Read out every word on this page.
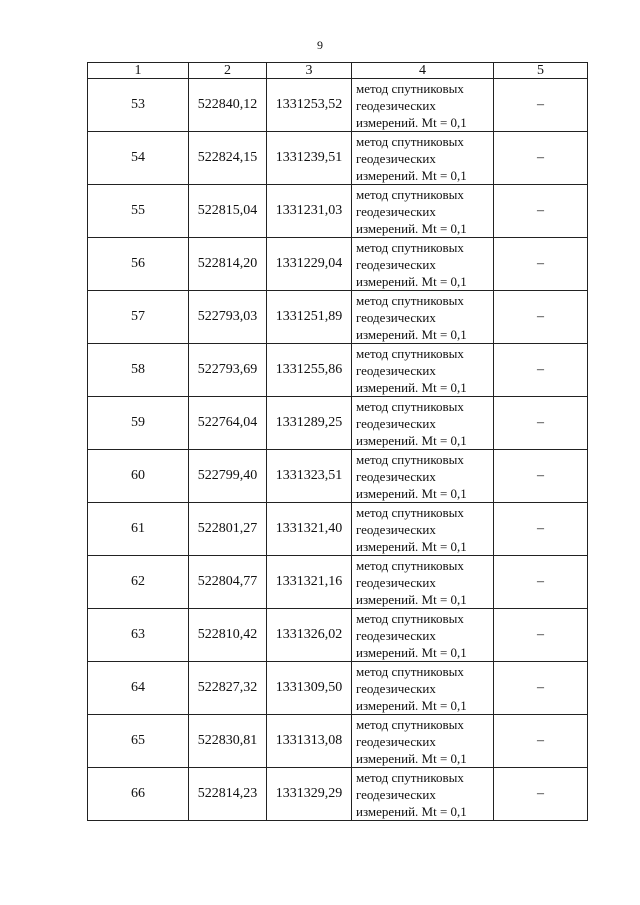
9
1	2	3	4	5
53	522840,12	1331253,52	метод спутниковых
геодезических
измерений. Mt = 0,1	–
54	522824,15	1331239,51	метод спутниковых
геодезических
измерений. Mt = 0,1	–
55	522815,04	1331231,03	метод спутниковых
геодезических
измерений. Mt = 0,1	–
56	522814,20	1331229,04	метод спутниковых
геодезических
измерений. Mt = 0,1	–
57	522793,03	1331251,89	метод спутниковых
геодезических
измерений. Mt = 0,1	–
58	522793,69	1331255,86	метод спутниковых
геодезических
измерений. Mt = 0,1	–
59	522764,04	1331289,25	метод спутниковых
геодезических
измерений. Mt = 0,1	–
60	522799,40	1331323,51	метод спутниковых
геодезических
измерений. Mt = 0,1	–
61	522801,27	1331321,40	метод спутниковых
геодезических
измерений. Mt = 0,1	–
62	522804,77	1331321,16	метод спутниковых
геодезических
измерений. Mt = 0,1	–
63	522810,42	1331326,02	метод спутниковых
геодезических
измерений. Mt = 0,1	–
64	522827,32	1331309,50	метод спутниковых
геодезических
измерений. Mt = 0,1	–
65	522830,81	1331313,08	метод спутниковых
геодезических
измерений. Mt = 0,1	–
66	522814,23	1331329,29	метод спутниковых
геодезических
измерений. Mt = 0,1	–
